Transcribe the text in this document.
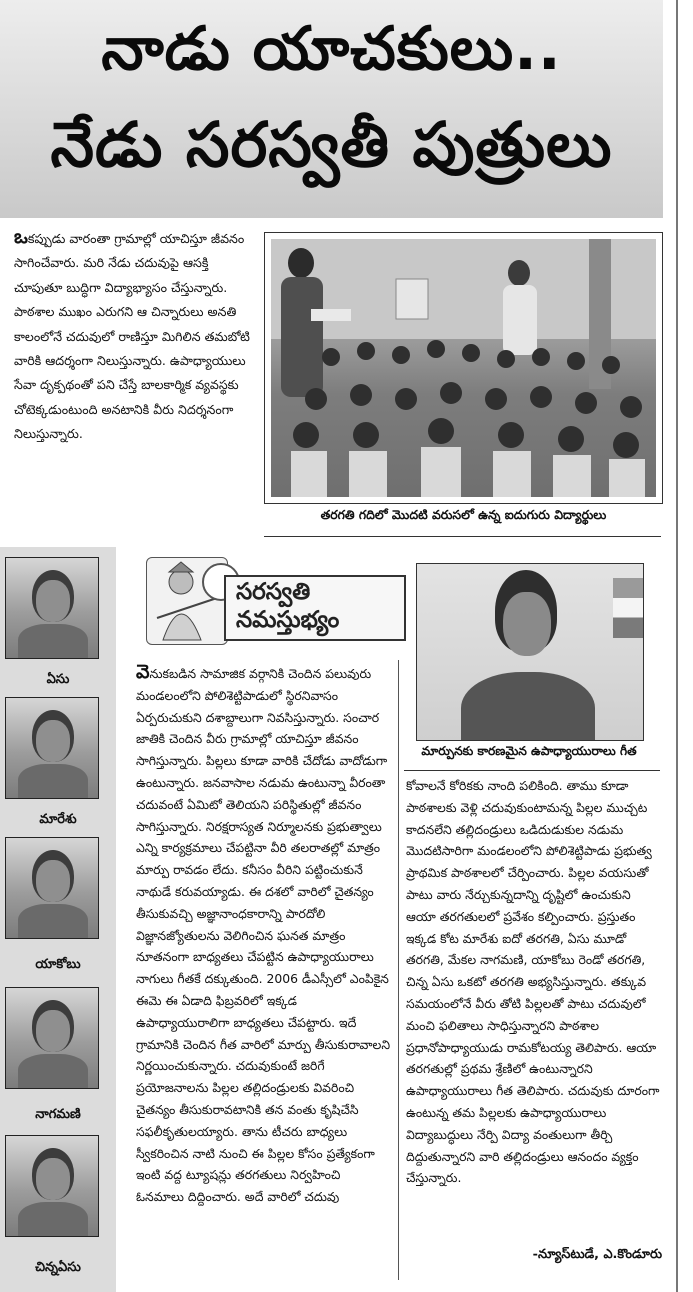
నాడు యాచకులు..
నేడు సరస్వతీ పుత్రులు

ఒకప్పుడు వారంతా గ్రామాల్లో యాచిస్తూ జీవనం సాగించేవారు. మరి నేడు చదువుపై ఆసక్తి చూపుతూ బుద్ధిగా విద్యాభ్యాసం చేస్తున్నారు. పాఠశాల ముఖం ఎరుగని ఆ చిన్నారులు అనతి కాలంలోనే చదువులో రాణిస్తూ మిగిలిన తమబోటి వారికి ఆదర్శంగా నిలుస్తున్నారు. ఉపాధ్యాయులు సేవా దృక్పథంతో పని చేస్తే బాలకార్మిక వ్యవస్థకు చోటెక్కడుంటుంది అనటానికి వీరు నిదర్శనంగా నిలుస్తున్నారు.

తరగతి గదిలో మొదటి వరుసలో ఉన్న ఐదుగురు విద్యార్థులు
ఏసు
మారేశు
యాకోబు
నాగమణి
చిన్నఏసు
సరస్వతి
నమస్తుభ్యం
మార్పునకు కారణమైన ఉపాధ్యాయురాలు గీత

వెనుకబడిన సామాజిక వర్గానికి చెందిన పలువురు మండలంలోని పోలిశెట్టిపాడులో స్థిరనివాసం ఏర్పరుచుకుని దశాబ్దాలుగా నివసిస్తున్నారు. సంచార జాతికి చెందిన వీరు గ్రామాల్లో యాచిస్తూ జీవనం సాగిస్తున్నారు. పిల్లలు కూడా వారికి చేదోడు వాదోడుగా ఉంటున్నారు. జనవాసాల నడుమ ఉంటున్నా వీరంతా చదువంటే ఏమిటో తెలియని పరిస్థితుల్లో జీవనం సాగిస్తున్నారు. నిరక్షరాస్యత నిర్మూలనకు ప్రభుత్వాలు ఎన్ని కార్యక్రమాలు చేపట్టినా వీరి తలరాతల్లో మాత్రం మార్పు రావడం లేదు. కనీసం వీరిని పట్టించుకునే నాథుడే కరువయ్యాడు. ఈ దశలో వారిలో చైతన్యం తీసుకువచ్చి అజ్ఞానాంధకారాన్ని పారదోలి విజ్ఞానజ్యోతులను వెలిగించిన ఘనత మాత్రం నూతనంగా బాధ్యతలు చేపట్టిన ఉపాధ్యాయురాలు నాగులు గీతకే దక్కుతుంది. 2006 డీఎస్సీలో ఎంపికైన ఈమె ఈ ఏడాది ఫిబ్రవరిలో ఇక్కడ ఉపాధ్యాయురాలిగా బాధ్యతలు చేపట్టారు. ఇదే గ్రామానికి చెందిన గీత వారిలో మార్పు తీసుకురావాలని నిర్ణయించుకున్నారు. చదువుకుంటే జరిగే ప్రయోజనాలను పిల్లల తల్లిదండ్రులకు వివరించి చైతన్యం తీసుకురావటానికి తన వంతు కృషిచేసి సఫలీకృతులయ్యారు. తాను టీచరు బాధ్యలు స్వీకరించిన నాటి నుంచి ఈ పిల్లల కోసం ప్రత్యేకంగా ఇంటి వద్ద ట్యూషన్లు తరగతులు నిర్వహించి ఓనమాలు దిద్దించారు. అదే వారిలో చదువు

కోవాలనే కోరికకు నాంది పలికింది. తాము కూడా పాఠశాలకు వెళ్లి చదువుకుంటామన్న పిల్లల ముచ్చట కాదనలేని తల్లిదండ్రులు ఒడిదుడుకుల నడుమ మొదటిసారిగా మండలంలోని పోలిశెట్టిపాడు ప్రభుత్వ ప్రాథమిక పాఠశాలలో చేర్పించారు. పిల్లల వయసుతో పాటు వారు నేర్చుకున్నదాన్ని దృష్టిలో ఉంచుకుని ఆయా తరగతులలో ప్రవేశం కల్పించారు. ప్రస్తుతం ఇక్కడ కోట మారేశు ఐదో తరగతి, ఏసు మూడో తరగతి, మేకల నాగమణి, యాకోబు రెండో తరగతి, చిన్న ఏసు ఒకటో తరగతి అభ్యసిస్తున్నారు. తక్కువ సమయంలోనే వీరు తోటి పిల్లలతో పాటు చదువులో మంచి ఫలితాలు సాధిస్తున్నారని పాఠశాల ప్రధానోపాధ్యాయుడు రామకోటయ్య తెలిపారు. ఆయా తరగతుల్లో ప్రథమ శ్రేణిలో ఉంటున్నారని ఉపాధ్యాయురాలు గీత తెలిపారు. చదువుకు దూరంగా ఉంటున్న తమ పిల్లలకు ఉపాధ్యాయురాలు విద్యాబుద్ధులు నేర్పి విద్యా వంతులుగా తీర్చి దిద్దుతున్నారని వారి తల్లిదండ్రులు ఆనందం వ్యక్తం చేస్తున్నారు.

-న్యూస్‌టుడే, ఎ.కొండూరు
